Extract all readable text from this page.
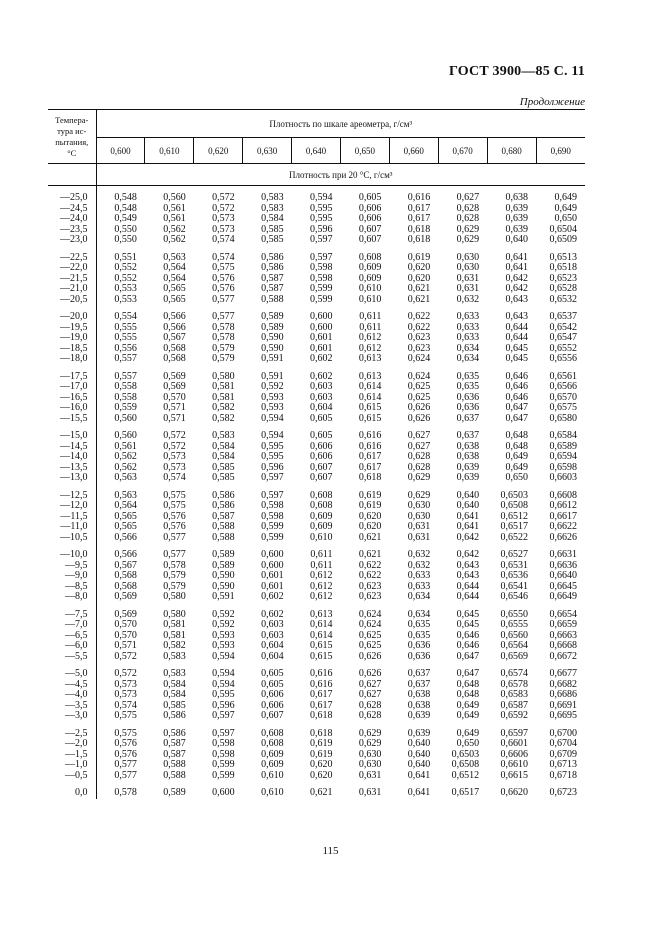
ГОСТ 3900—85 С. 11
Продолжение
Темпера-
тура ис-
пытания,
°C	Плотность по шкале ареометра, г/см³									
	0,600	0,610	0,620	0,630	0,640	0,650	0,660	0,670	0,680	0,690
	Плотность при 20 °C, г/см³									

—25,0	0,548	0,560	0,572	0,583	0,594	0,605	0,616	0,627	0,638	0,649
—24,5	0,548	0,561	0,572	0,583	0,595	0,606	0,617	0,628	0,639	0,649
—24,0	0,549	0,561	0,573	0,584	0,595	0,606	0,617	0,628	0,639	0,650
—23,5	0,550	0,562	0,573	0,585	0,596	0,607	0,618	0,629	0,639	0,6504
—23,0	0,550	0,562	0,574	0,585	0,597	0,607	0,618	0,629	0,640	0,6509

—22,5	0,551	0,563	0,574	0,586	0,597	0,608	0,619	0,630	0,641	0,6513
—22,0	0,552	0,564	0,575	0,586	0,598	0,609	0,620	0,630	0,641	0,6518
—21,5	0,552	0,564	0,576	0,587	0,598	0,609	0,620	0,631	0,642	0,6523
—21,0	0,553	0,565	0,576	0,587	0,599	0,610	0,621	0,631	0,642	0,6528
—20,5	0,553	0,565	0,577	0,588	0,599	0,610	0,621	0,632	0,643	0,6532

—20,0	0,554	0,566	0,577	0,589	0,600	0,611	0,622	0,633	0,643	0,6537
—19,5	0,555	0,566	0,578	0,589	0,600	0,611	0,622	0,633	0,644	0,6542
—19,0	0,555	0,567	0,578	0,590	0,601	0,612	0,623	0,633	0,644	0,6547
—18,5	0,556	0,568	0,579	0,590	0,601	0,612	0,623	0,634	0,645	0,6552
—18,0	0,557	0,568	0,579	0,591	0,602	0,613	0,624	0,634	0,645	0,6556

—17,5	0,557	0,569	0,580	0,591	0,602	0,613	0,624	0,635	0,646	0,6561
—17,0	0,558	0,569	0,581	0,592	0,603	0,614	0,625	0,635	0,646	0,6566
—16,5	0,558	0,570	0,581	0,593	0,603	0,614	0,625	0,636	0,646	0,6570
—16,0	0,559	0,571	0,582	0,593	0,604	0,615	0,626	0,636	0,647	0,6575
—15,5	0,560	0,571	0,582	0,594	0,605	0,615	0,626	0,637	0,647	0,6580

—15,0	0,560	0,572	0,583	0,594	0,605	0,616	0,627	0,637	0,648	0,6584
—14,5	0,561	0,572	0,584	0,595	0,606	0,616	0,627	0,638	0,648	0,6589
—14,0	0,562	0,573	0,584	0,595	0,606	0,617	0,628	0,638	0,649	0,6594
—13,5	0,562	0,573	0,585	0,596	0,607	0,617	0,628	0,639	0,649	0,6598
—13,0	0,563	0,574	0,585	0,597	0,607	0,618	0,629	0,639	0,650	0,6603

—12,5	0,563	0,575	0,586	0,597	0,608	0,619	0,629	0,640	0,6503	0,6608
—12,0	0,564	0,575	0,586	0,598	0,608	0,619	0,630	0,640	0,6508	0,6612
—11,5	0,565	0,576	0,587	0,598	0,609	0,620	0,630	0,641	0,6512	0,6617
—11,0	0,565	0,576	0,588	0,599	0,609	0,620	0,631	0,641	0,6517	0,6622
—10,5	0,566	0,577	0,588	0,599	0,610	0,621	0,631	0,642	0,6522	0,6626

—10,0	0,566	0,577	0,589	0,600	0,611	0,621	0,632	0,642	0,6527	0,6631
—9,5	0,567	0,578	0,589	0,600	0,611	0,622	0,632	0,643	0,6531	0,6636
—9,0	0,568	0,579	0,590	0,601	0,612	0,622	0,633	0,643	0,6536	0,6640
—8,5	0,568	0,579	0,590	0,601	0,612	0,623	0,633	0,644	0,6541	0,6645
—8,0	0,569	0,580	0,591	0,602	0,612	0,623	0,634	0,644	0,6546	0,6649

—7,5	0,569	0,580	0,592	0,602	0,613	0,624	0,634	0,645	0,6550	0,6654
—7,0	0,570	0,581	0,592	0,603	0,614	0,624	0,635	0,645	0,6555	0,6659
—6,5	0,570	0,581	0,593	0,603	0,614	0,625	0,635	0,646	0,6560	0,6663
—6,0	0,571	0,582	0,593	0,604	0,615	0,625	0,636	0,646	0,6564	0,6668
—5,5	0,572	0,583	0,594	0,604	0,615	0,626	0,636	0,647	0,6569	0,6672

—5,0	0,572	0,583	0,594	0,605	0,616	0,626	0,637	0,647	0,6574	0,6677
—4,5	0,573	0,584	0,594	0,605	0,616	0,627	0,637	0,648	0,6578	0,6682
—4,0	0,573	0,584	0,595	0,606	0,617	0,627	0,638	0,648	0,6583	0,6686
—3,5	0,574	0,585	0,596	0,606	0,617	0,628	0,638	0,649	0,6587	0,6691
—3,0	0,575	0,586	0,597	0,607	0,618	0,628	0,639	0,649	0,6592	0,6695

—2,5	0,575	0,586	0,597	0,608	0,618	0,629	0,639	0,649	0,6597	0,6700
—2,0	0,576	0,587	0,598	0,608	0,619	0,629	0,640	0,650	0,6601	0,6704
—1,5	0,576	0,587	0,598	0,609	0,619	0,630	0,640	0,6503	0,6606	0,6709
—1,0	0,577	0,588	0,599	0,609	0,620	0,630	0,640	0,6508	0,6610	0,6713
—0,5	0,577	0,588	0,599	0,610	0,620	0,631	0,641	0,6512	0,6615	0,6718

0,0	0,578	0,589	0,600	0,610	0,621	0,631	0,641	0,6517	0,6620	0,6723
115
